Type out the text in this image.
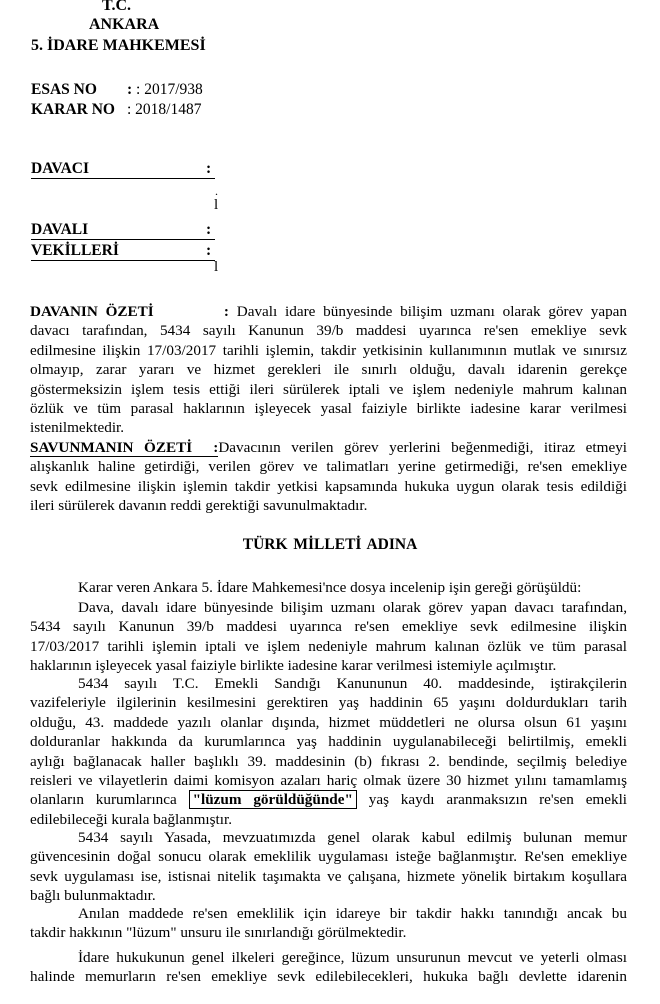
T.C.
ANKARA
5. İDARE MAHKEMESİ
ESAS NO : : 2017/938
KARAR NO : 2018/1487
DAVACI	:
.
l
DAVALI	:
VEKİLLERİ	:
l
DAVANIN ÖZETİ	: Davalı idare bünyesinde bilişim uzmanı olarak görev yapan
davacı tarafından, 5434 sayılı Kanunun 39/b maddesi uyarınca re'sen emekliye sevk
edilmesine ilişkin 17/03/2017 tarihli işlemin, takdir yetkisinin kullanımının mutlak ve sınırsız
olmayıp, zarar yararı ve hizmet gerekleri ile sınırlı olduğu, davalı idarenin gerekçe
göstermeksizin işlem tesis ettiği ileri sürülerek iptali ve işlem nedeniyle mahrum kalınan
özlük ve tüm parasal haklarının işleyecek yasal faiziyle birlikte iadesine karar verilmesi
istenilmektedir.
SAVUNMANIN ÖZETİ :Davacının verilen görev yerlerini beğenmediği, itiraz etmeyi
alışkanlık haline getirdiği, verilen görev ve talimatları yerine getirmediği, re'sen emekliye
sevk edilmesine ilişkin işlemin takdir yetkisi kapsamında hukuka uygun olarak tesis edildiği
ileri sürülerek davanın reddi gerektiği savunulmaktadır.
TÜRK MİLLETİ ADINA
Karar veren Ankara 5. İdare Mahkemesi'nce dosya incelenip işin gereği görüşüldü:
Dava, davalı idare bünyesinde bilişim uzmanı olarak görev yapan davacı tarafından,
5434 sayılı Kanunun 39/b maddesi uyarınca re'sen emekliye sevk edilmesine ilişkin
17/03/2017 tarihli işlemin iptali ve işlem nedeniyle mahrum kalınan özlük ve tüm parasal
haklarının işleyecek yasal faiziyle birlikte iadesine karar verilmesi istemiyle açılmıştır.
5434 sayılı T.C. Emekli Sandığı Kanununun 40. maddesinde, iştirakçilerin
vazifeleriyle ilgilerinin kesilmesini gerektiren yaş haddinin 65 yaşını doldurdukları tarih
olduğu, 43. maddede yazılı olanlar dışında, hizmet müddetleri ne olursa olsun 61 yaşını
dolduranlar hakkında da kurumlarınca yaş haddinin uygulanabileceği belirtilmiş, emekli
aylığı bağlanacak haller başlıklı 39. maddesinin (b) fıkrası 2. bendinde, seçilmiş belediye
reisleri ve vilayetlerin daimi komisyon azaları hariç olmak üzere 30 hizmet yılını tamamlamış
olanların kurumlarınca "lüzum görüldüğünde" yaş kaydı aranmaksızın re'sen emekli
edilebileceği kurala bağlanmıştır.
5434 sayılı Yasada, mevzuatımızda genel olarak kabul edilmiş bulunan memur
güvencesinin doğal sonucu olarak emeklilik uygulaması isteğe bağlanmıştır. Re'sen emekliye
sevk uygulaması ise, istisnai nitelik taşımakta ve çalışana, hizmete yönelik birtakım koşullara
bağlı bulunmaktadır.
Anılan maddede re'sen emeklilik için idareye bir takdir hakkı tanındığı ancak bu
takdir hakkının "lüzum" unsuru ile sınırlandığı görülmektedir.
İdare hukukunun genel ilkeleri gereğince, lüzum unsurunun mevcut ve yeterli olması
halinde memurların re'sen emekliye sevk edilebilecekleri, hukuka bağlı devlette idarenin
